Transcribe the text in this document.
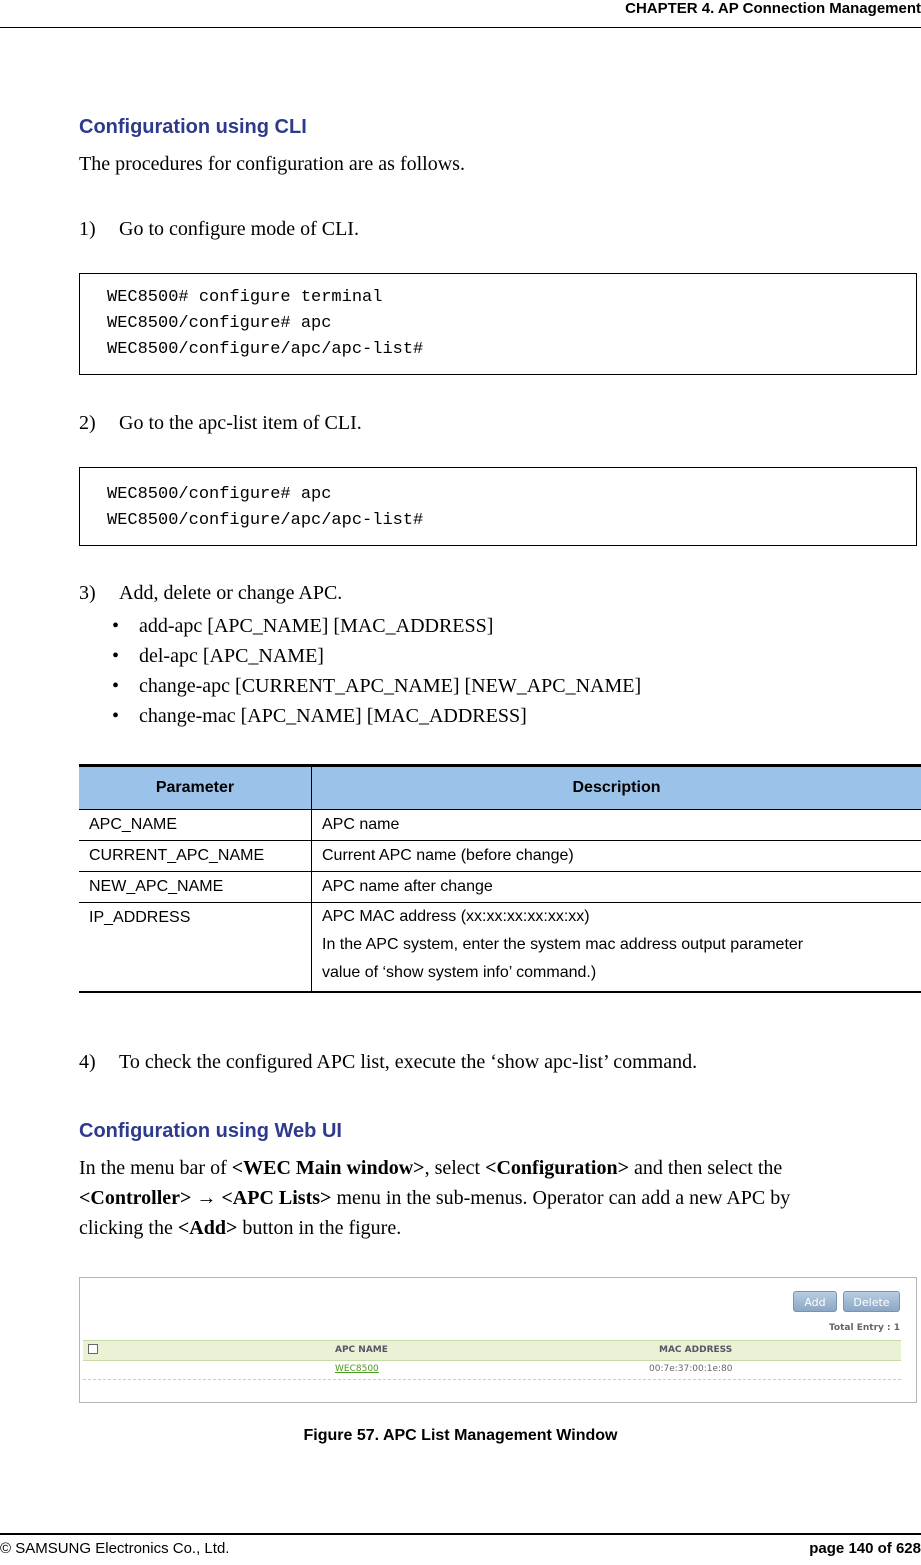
CHAPTER 4. AP Connection Management
Configuration using CLI
The procedures for configuration are as follows.
1) Go to configure mode of CLI.
WEC8500# configure terminal
WEC8500/configure# apc
WEC8500/configure/apc/apc-list#
2) Go to the apc-list item of CLI.
WEC8500/configure# apc
WEC8500/configure/apc/apc-list#
3) Add, delete or change APC.
• add-apc [APC_NAME] [MAC_ADDRESS]
• del-apc [APC_NAME]
• change-apc [CURRENT_APC_NAME] [NEW_APC_NAME]
• change-mac [APC_NAME] [MAC_ADDRESS]
Parameter	Description

APC_NAME	APC name

CURRENT_APC_NAME	Current APC name (before change)

NEW_APC_NAME	APC name after change

IP_ADDRESS	APC MAC address (xx:xx:xx:xx:xx:xx)
In the APC system, enter the system mac address output parameter
value of ‘show system info’ command.)
4) To check the configured APC list, execute the ‘show apc-list’ command.
Configuration using Web UI
In the menu bar of <WEC Main window>, select <Configuration> and then select the
<Controller> → <APC Lists> menu in the sub-menus. Operator can add a new APC by
clicking the <Add> button in the figure.
Add	Delete
Total Entry : 1
APC NAME	MAC ADDRESS
WEC8500	00:7e:37:00:1e:80
Figure 57. APC List Management Window
© SAMSUNG Electronics Co., Ltd.	page 140 of 628
